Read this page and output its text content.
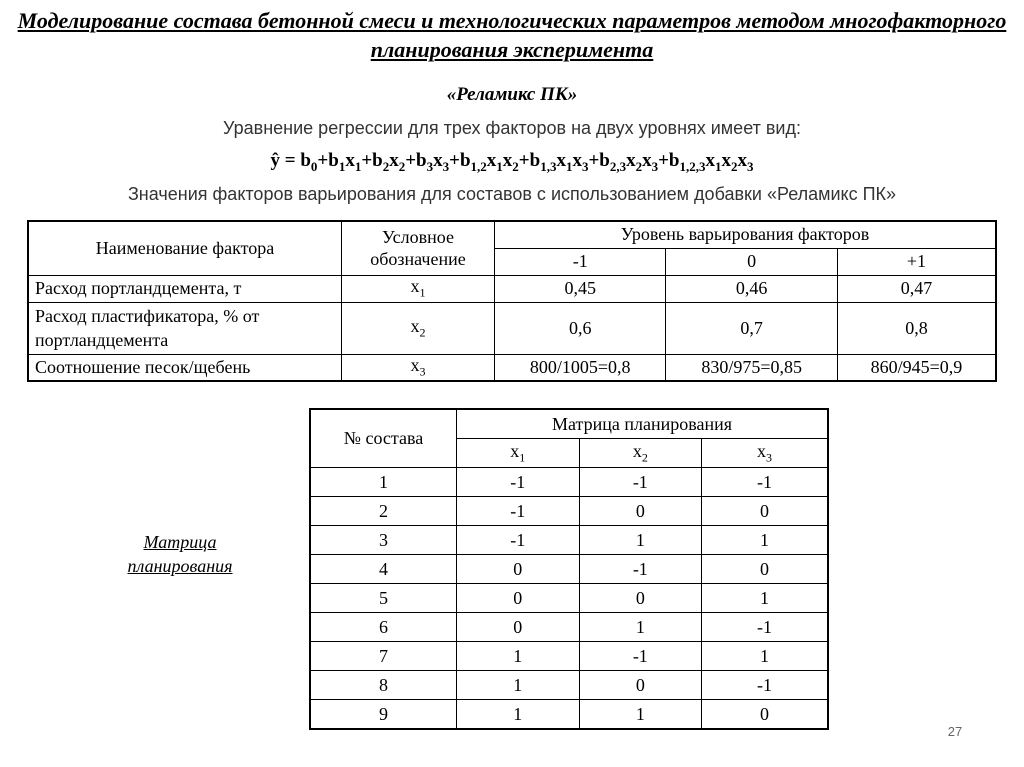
Моделирование состава бетонной смеси и технологических параметров методом многофакторного планирования эксперимента
«Реламикс ПК»
Уравнение регрессии для трех факторов на двух уровнях имеет вид:
ŷ = $b_0+b_1x_1+b_2x_2+b_3x_3+b_{1,2}x_1x_2+b_{1,3}x_1x_3+b_{2,3}x_2x_3+b_{1,2,3}x_1x_2x_3$
Значения факторов варьирования для составов с использованием добавки «Реламикс ПК»
Наименование фактора	Условное обозначение	Уровень варьирования факторов		
		-1	0	+1
Расход портландцемента, т	$x_1$	0,45	0,46	0,47
Расход пластификатора, % от портландцемента	$x_2$	0,6	0,7	0,8
Соотношение песок/щебень	$x_3$	800/1005=0,8	830/975=0,85	860/945=0,9
Матрица планирования
№ состава	Матрица планирования		
	$x_1$	$x_2$	$x_3$
1	-1	-1	-1
2	-1	0	0
3	-1	1	1
4	0	-1	0
5	0	0	1
6	0	1	-1
7	1	-1	1
8	1	0	-1
9	1	1	0
27
